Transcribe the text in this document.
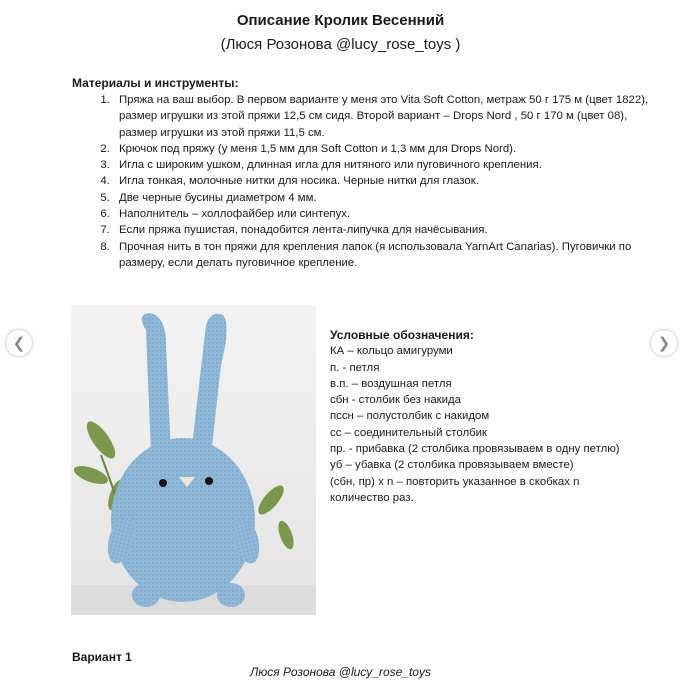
Описание Кролик Весенний
(Люся Розонова @lucy_rose_toys )
Материалы и инструменты:
1. Пряжа на ваш выбор. В первом варианте у меня это Vita Soft Cotton, метраж 50 г 175 м (цвет 1822), размер игрушки из этой пряжи 12,5 см сидя. Второй вариант – Drops Nord , 50 г 170 м (цвет 08), размер игрушки из этой пряжи 11,5 см.
2. Крючок под пряжу (у меня 1,5 мм для Soft Cotton и 1,3 мм для Drops Nord).
3. Игла с широким ушком, длинная игла для нитяного или пуговичного крепления.
4. Игла тонкая, молочные нитки для носика. Черные нитки для глазок.
5. Две черные бусины диаметром 4 мм.
6. Наполнитель – холлофайбер или синтепух.
7. Если пряжа пушистая, понадобится лента-липучка для начёсывания.
8. Прочная нить в тон пряжи для крепления лапок (я использовала YarnArt Canarias). Пуговички по размеру, если делать пуговичное крепление.
Условные обозначения:
КА – кольцо амигуруми
п. - петля
в.п. – воздушная петля
сбн - столбик без накида
пссн – полустолбик с накидом
сс – соединительный столбик
пр. - прибавка (2 столбика провязываем в одну петлю)
уб – убавка (2 столбика провязываем вместе)
(сбн, пр) х n – повторить указанное в скобках n количество раз.
❮	❯
Вариант 1
Люся Розонова @lucy_rose_toys
